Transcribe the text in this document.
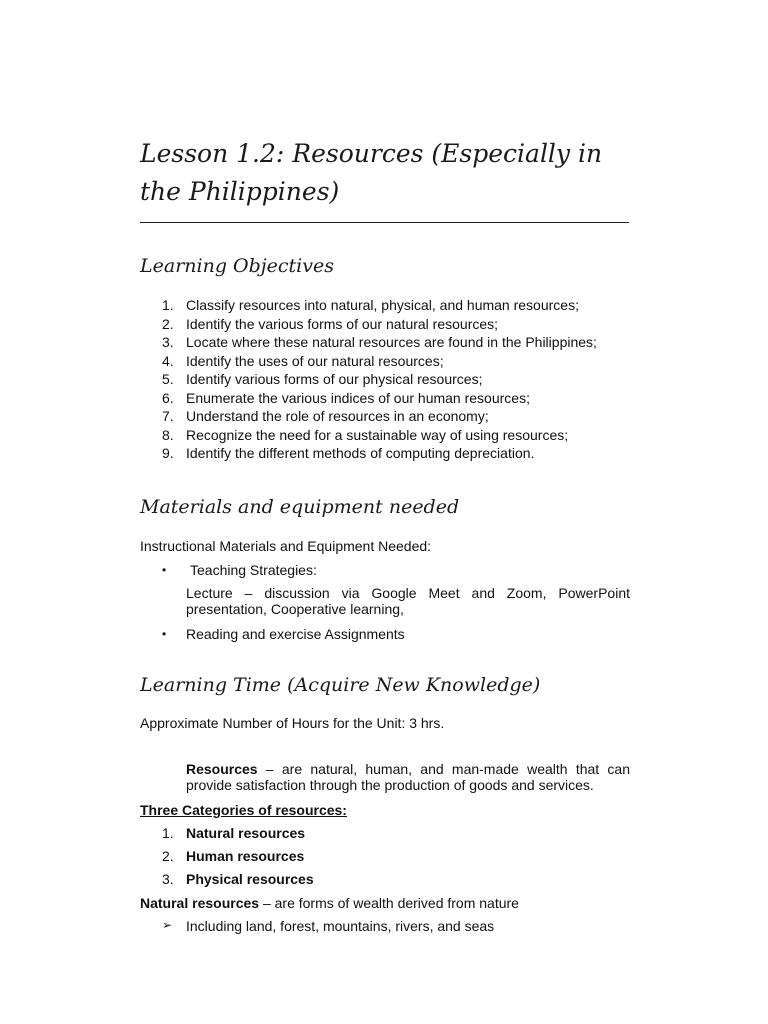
Lesson 1.2: Resources (Especially in the Philippines)
Learning Objectives
1. Classify resources into natural, physical, and human resources;
2. Identify the various forms of our natural resources;
3. Locate where these natural resources are found in the Philippines;
4. Identify the uses of our natural resources;
5. Identify various forms of our physical resources;
6. Enumerate the various indices of our human resources;
7. Understand the role of resources in an economy;
8. Recognize the need for a sustainable way of using resources;
9. Identify the different methods of computing depreciation.
Materials and equipment needed
Instructional Materials and Equipment Needed:
• Teaching Strategies:
Lecture – discussion via Google Meet and Zoom, PowerPoint presentation, Cooperative learning,
• Reading and exercise Assignments
Learning Time (Acquire New Knowledge)
Approximate Number of Hours for the Unit: 3 hrs.
Resources – are natural, human, and man-made wealth that can provide satisfaction through the production of goods and services.
Three Categories of resources:
1. Natural resources
2. Human resources
3. Physical resources
Natural resources – are forms of wealth derived from nature
➢ Including land, forest, mountains, rivers, and seas
